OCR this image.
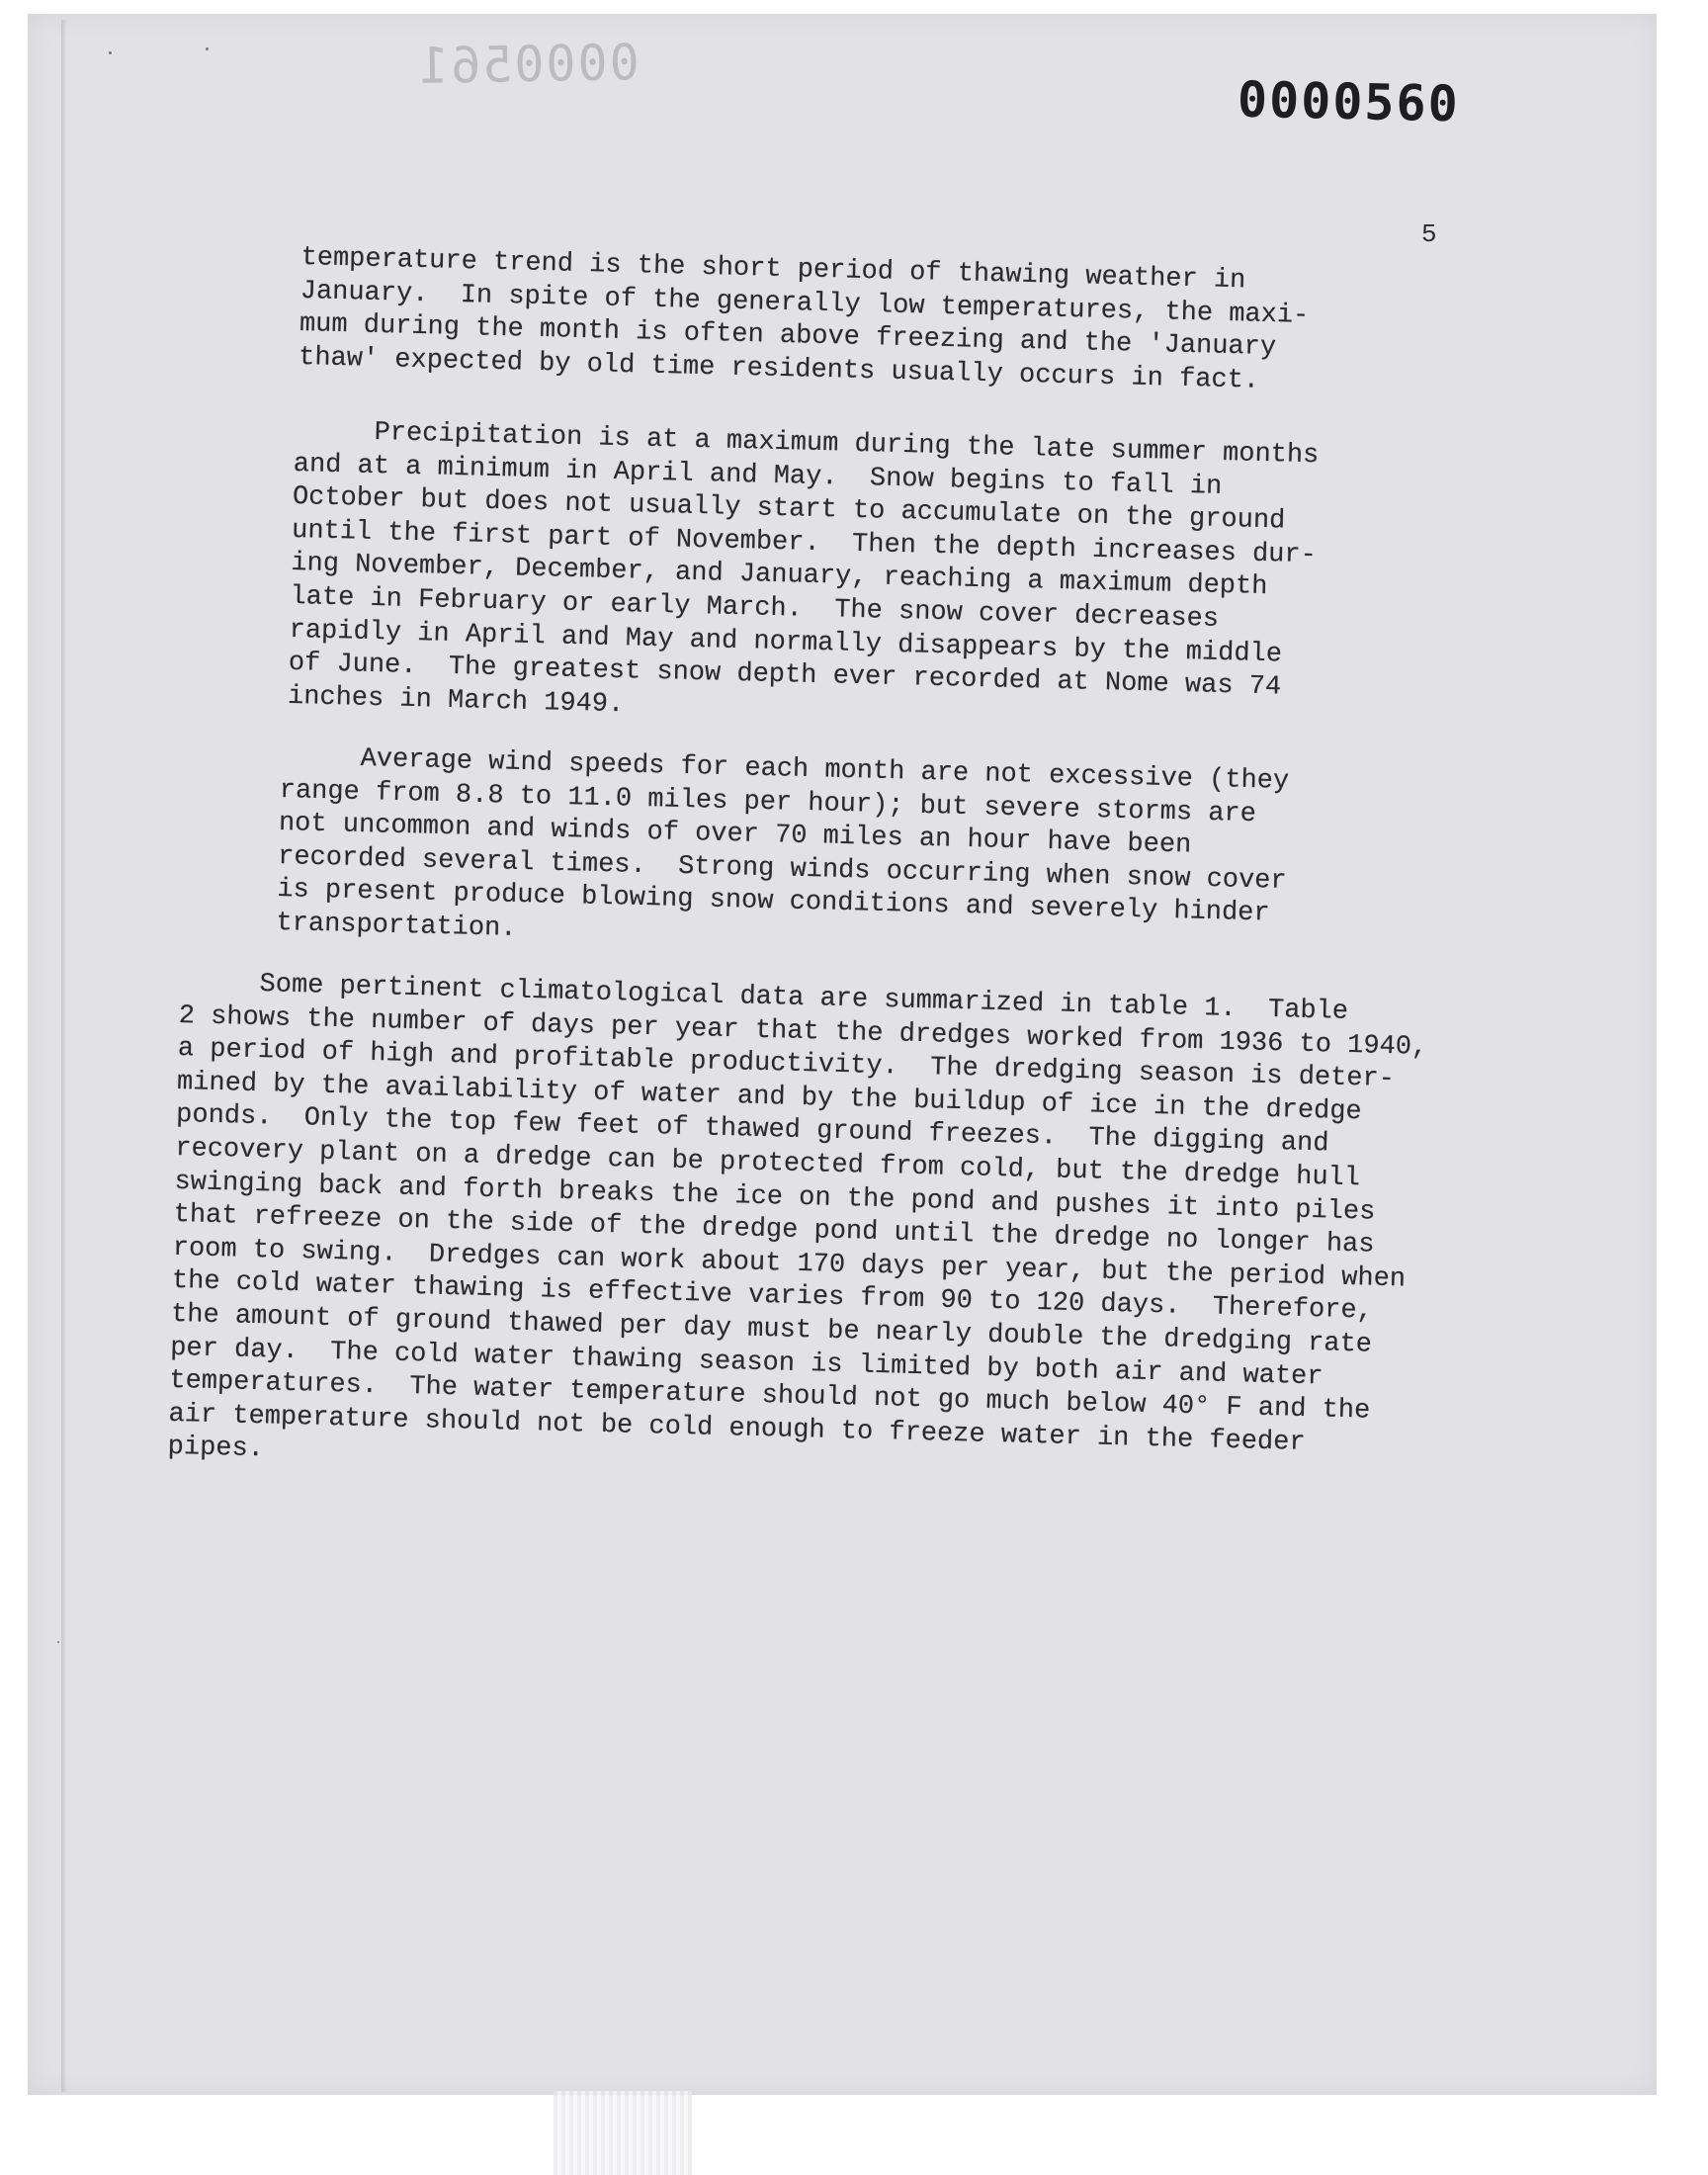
0000561
0000560
5

temperature trend is the short period of thawing weather in
January.  In spite of the generally low temperatures, the maxi-
mum during the month is often above freezing and the 'January
thaw' expected by old time residents usually occurs in fact.

Precipitation is at a maximum during the late summer months
and at a minimum in April and May.  Snow begins to fall in
October but does not usually start to accumulate on the ground
until the first part of November.  Then the depth increases dur-
ing November, December, and January, reaching a maximum depth
late in February or early March.  The snow cover decreases
rapidly in April and May and normally disappears by the middle
of June.  The greatest snow depth ever recorded at Nome was 74
inches in March 1949.

Average wind speeds for each month are not excessive (they
range from 8.8 to 11.0 miles per hour); but severe storms are
not uncommon and winds of over 70 miles an hour have been
recorded several times.  Strong winds occurring when snow cover
is present produce blowing snow conditions and severely hinder
transportation.

Some pertinent climatological data are summarized in table 1.  Table
2 shows the number of days per year that the dredges worked from 1936 to 1940,
a period of high and profitable productivity.  The dredging season is deter-
mined by the availability of water and by the buildup of ice in the dredge
ponds.  Only the top few feet of thawed ground freezes.  The digging and
recovery plant on a dredge can be protected from cold, but the dredge hull
swinging back and forth breaks the ice on the pond and pushes it into piles
that refreeze on the side of the dredge pond until the dredge no longer has
room to swing.  Dredges can work about 170 days per year, but the period when
the cold water thawing is effective varies from 90 to 120 days.  Therefore,
the amount of ground thawed per day must be nearly double the dredging rate
per day.  The cold water thawing season is limited by both air and water
temperatures.  The water temperature should not go much below 40° F and the
air temperature should not be cold enough to freeze water in the feeder
pipes.
